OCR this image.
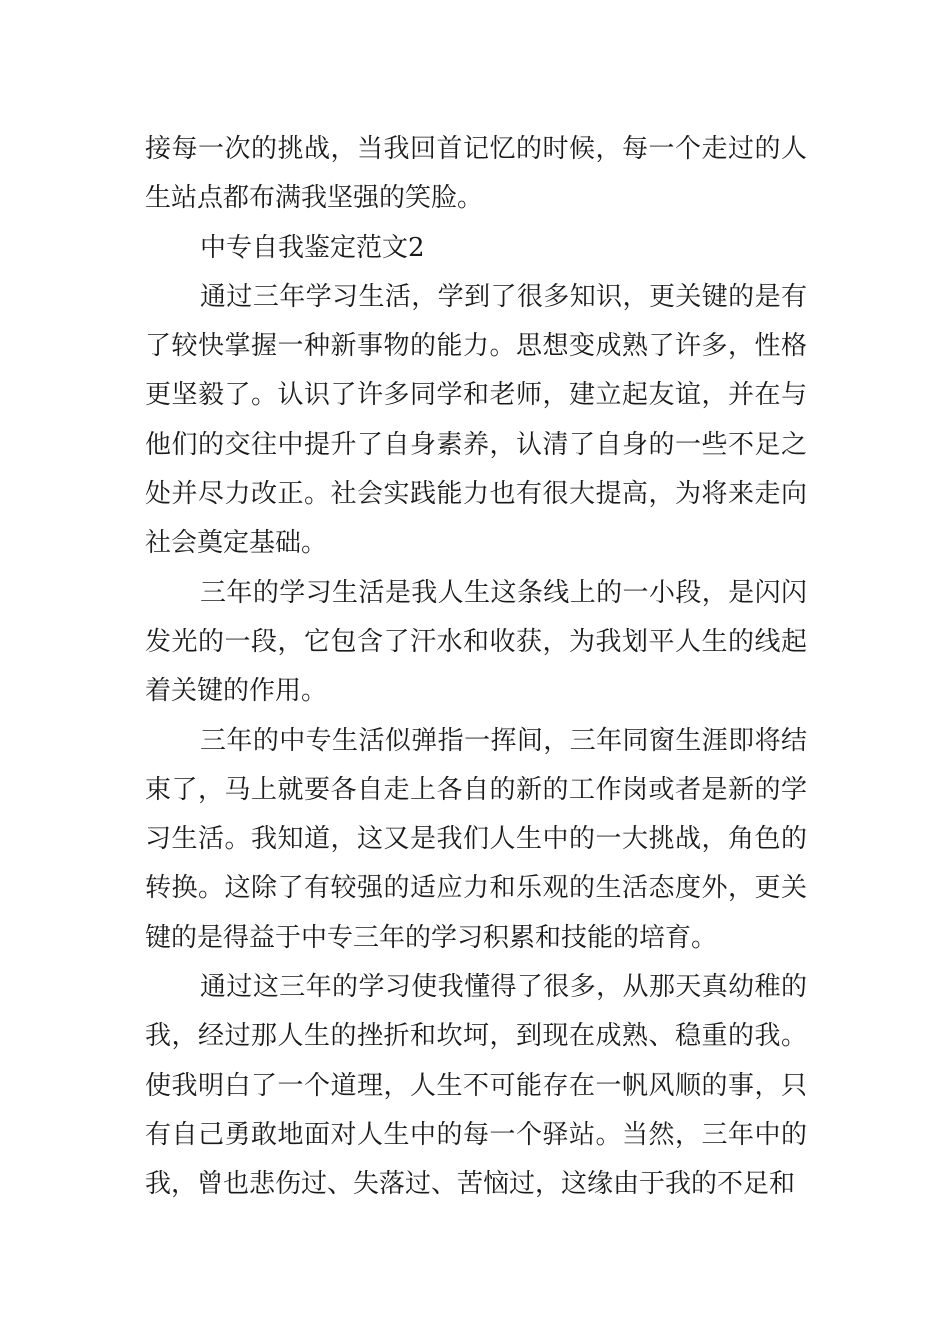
接每一次的挑战，当我回首记忆的时候，每一个走过的人生站点都布满我坚强的笑脸。

中专自我鉴定范文2

通过三年学习生活，学到了很多知识，更关键的是有了较快掌握一种新事物的能力。思想变成熟了许多，性格更坚毅了。认识了许多同学和老师，建立起友谊，并在与他们的交往中提升了自身素养，认清了自身的一些不足之处并尽力改正。社会实践能力也有很大提高，为将来走向社会奠定基础。

三年的学习生活是我人生这条线上的一小段，是闪闪发光的一段，它包含了汗水和收获，为我划平人生的线起着关键的作用。

三年的中专生活似弹指一挥间，三年同窗生涯即将结束了，马上就要各自走上各自的新的工作岗或者是新的学习生活。我知道，这又是我们人生中的一大挑战，角色的转换。这除了有较强的适应力和乐观的生活态度外，更关键的是得益于中专三年的学习积累和技能的培育。

通过这三年的学习使我懂得了很多，从那天真幼稚的我，经过那人生的挫折和坎坷，到现在成熟、稳重的我。使我明白了一个道理，人生不可能存在一帆风顺的事，只有自己勇敢地面对人生中的每一个驿站。当然，三年中的我，曾也悲伤过、失落过、苦恼过，这缘由于我的不足和
